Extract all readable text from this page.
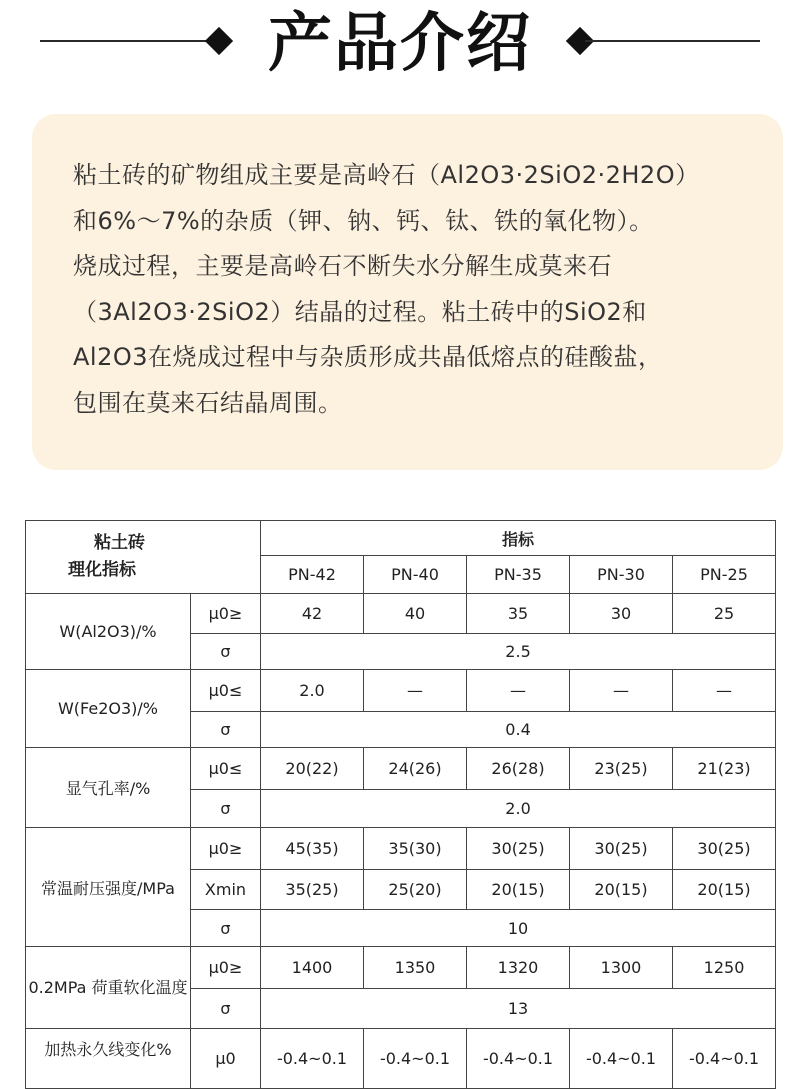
产品介绍

粘土砖的矿物组成主要是高岭石（Al2O3·2SiO2·2H2O）

和6%～7%的杂质（钾、钠、钙、钛、铁的氧化物）。

烧成过程，主要是高岭石不断失水分解生成莫来石

（3Al2O3·2SiO2）结晶的过程。粘土砖中的SiO2和

Al2O3在烧成过程中与杂质形成共晶低熔点的硅酸盐，

包围在莫来石结晶周围。

粘土砖
理化指标		指标				
		PN-42	PN-40	PN-35	PN-30	PN-25
W(Al2O3)/%	μ0≥	42	40	35	30	25
	σ	2.5				
W(Fe2O3)/%	μ0≤	2.0	—	—	—	—
	σ	0.4				
显气孔率/%	μ0≤	20(22)	24(26)	26(28)	23(25)	21(23)
	σ	2.0				
常温耐压强度/MPa	μ0≥	45(35)	35(30)	30(25)	30(25)	30(25)
	Xmin	35(25)	25(20)	20(15)	20(15)	20(15)
	σ	10				
0.2MPa 荷重软化温度	μ0≥	1400	1350	1320	1300	1250
	σ	13				
加热永久线变化%	μ0	-0.4~0.1	-0.4~0.1	-0.4~0.1	-0.4~0.1	-0.4~0.1
